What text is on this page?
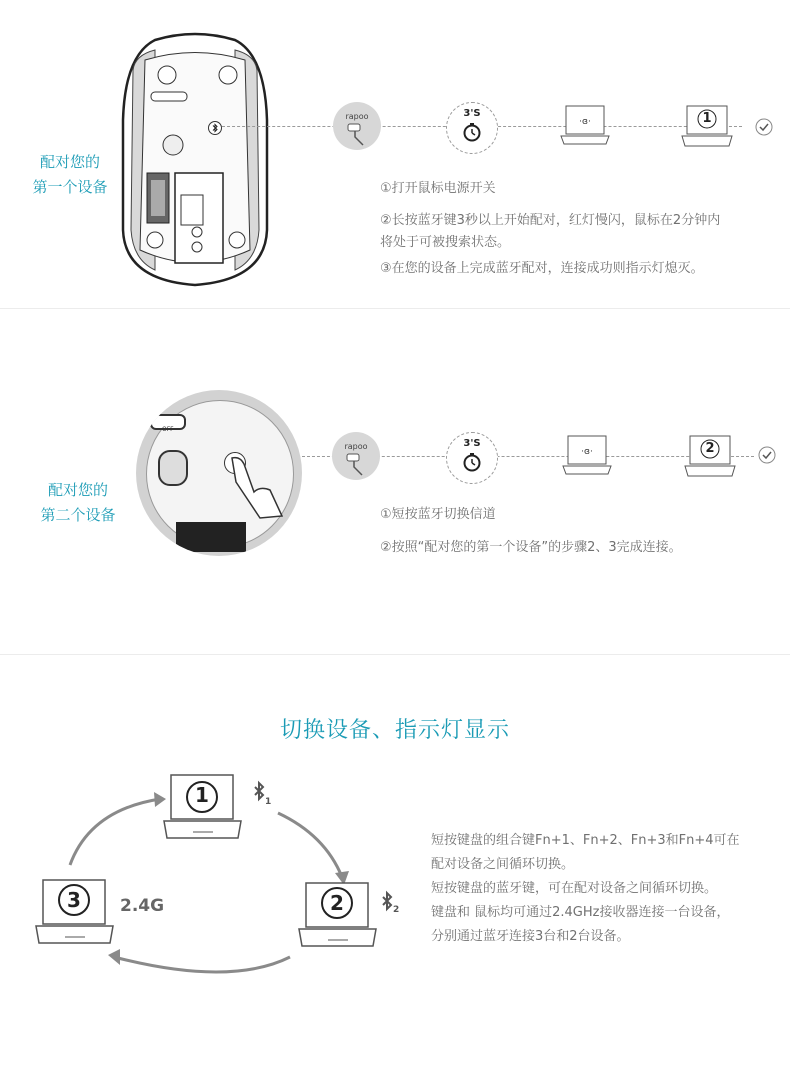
配对您的
第一个设备
rapoo	3'S
·ɞ·	1
①打开鼠标电源开关
②长按蓝牙键3秒以上开始配对，红灯慢闪，鼠标在2分钟内
将处于可被搜索状态。
③在您的设备上完成蓝牙配对，连接成功则指示灯熄灭。
配对您的
第二个设备
OFF
rapoo	3'S
·ɞ·	2
①短按蓝牙切换信道
②按照“配对您的第一个设备”的步骤2、3完成连接。
切换设备、指示灯显示
1
2
3
1
2
2.4G
短按键盘的组合键Fn+1、Fn+2、Fn+3和Fn+4可在
配对设备之间循环切换。
短按键盘的蓝牙键，可在配对设备之间循环切换。
键盘和 鼠标均可通过2.4GHz接收器连接一台设备，
分别通过蓝牙连接3台和2台设备。
